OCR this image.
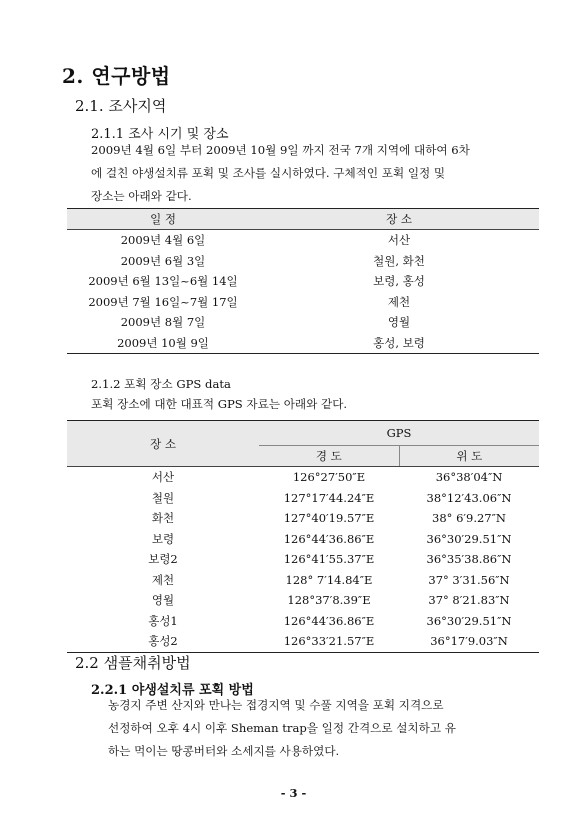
2. 연구방법
2.1. 조사지역
2.1.1 조사 시기 및 장소
2009년 4월 6일 부터 2009년 10월 9일 까지 전국 7개 지역에 대하여 6차
에 걸친 야생설치류 포획 및 조사를 실시하였다. 구체적인 포획 일정 및
장소는 아래와 같다.
일 정	장 소
2009년 4월 6일	서산
2009년 6월 3일	철원, 화천
2009년 6월 13일~6월 14일	보령, 홍성
2009년 7월 16일~7월 17일	제천
2009년 8월 7일	영월
2009년 10월 9일	홍성, 보령
2.1.2 포획 장소 GPS data
포획 장소에 대한 대표적 GPS 자료는 아래와 같다.
장 소	GPS	
	경 도	위 도
서산	126°27′50″E	36°38′04″N
철원	127°17′44.24″E	38°12′43.06″N
화천	127°40′19.57″E	38° 6′9.27″N
보령	126°44′36.86″E	36°30′29.51″N
보령2	126°41′55.37″E	36°35′38.86″N
제천	128° 7′14.84″E	37° 3′31.56″N
영월	128°37′8.39″E	37° 8′21.83″N
홍성1	126°44′36.86″E	36°30′29.51″N
홍성2	126°33′21.57″E	36°17′9.03″N
2.2 샘플채취방법
2.2.1 야생설치류 포획 방법
농경지 주변 산지와 만나는 접경지역 및 수풀 지역을 포획 지격으로
선정하여 오후 4시 이후 Sheman trap을 일정 간격으로 설치하고 유
하는 먹이는 땅콩버터와 소세지를 사용하였다.
- 3 -
